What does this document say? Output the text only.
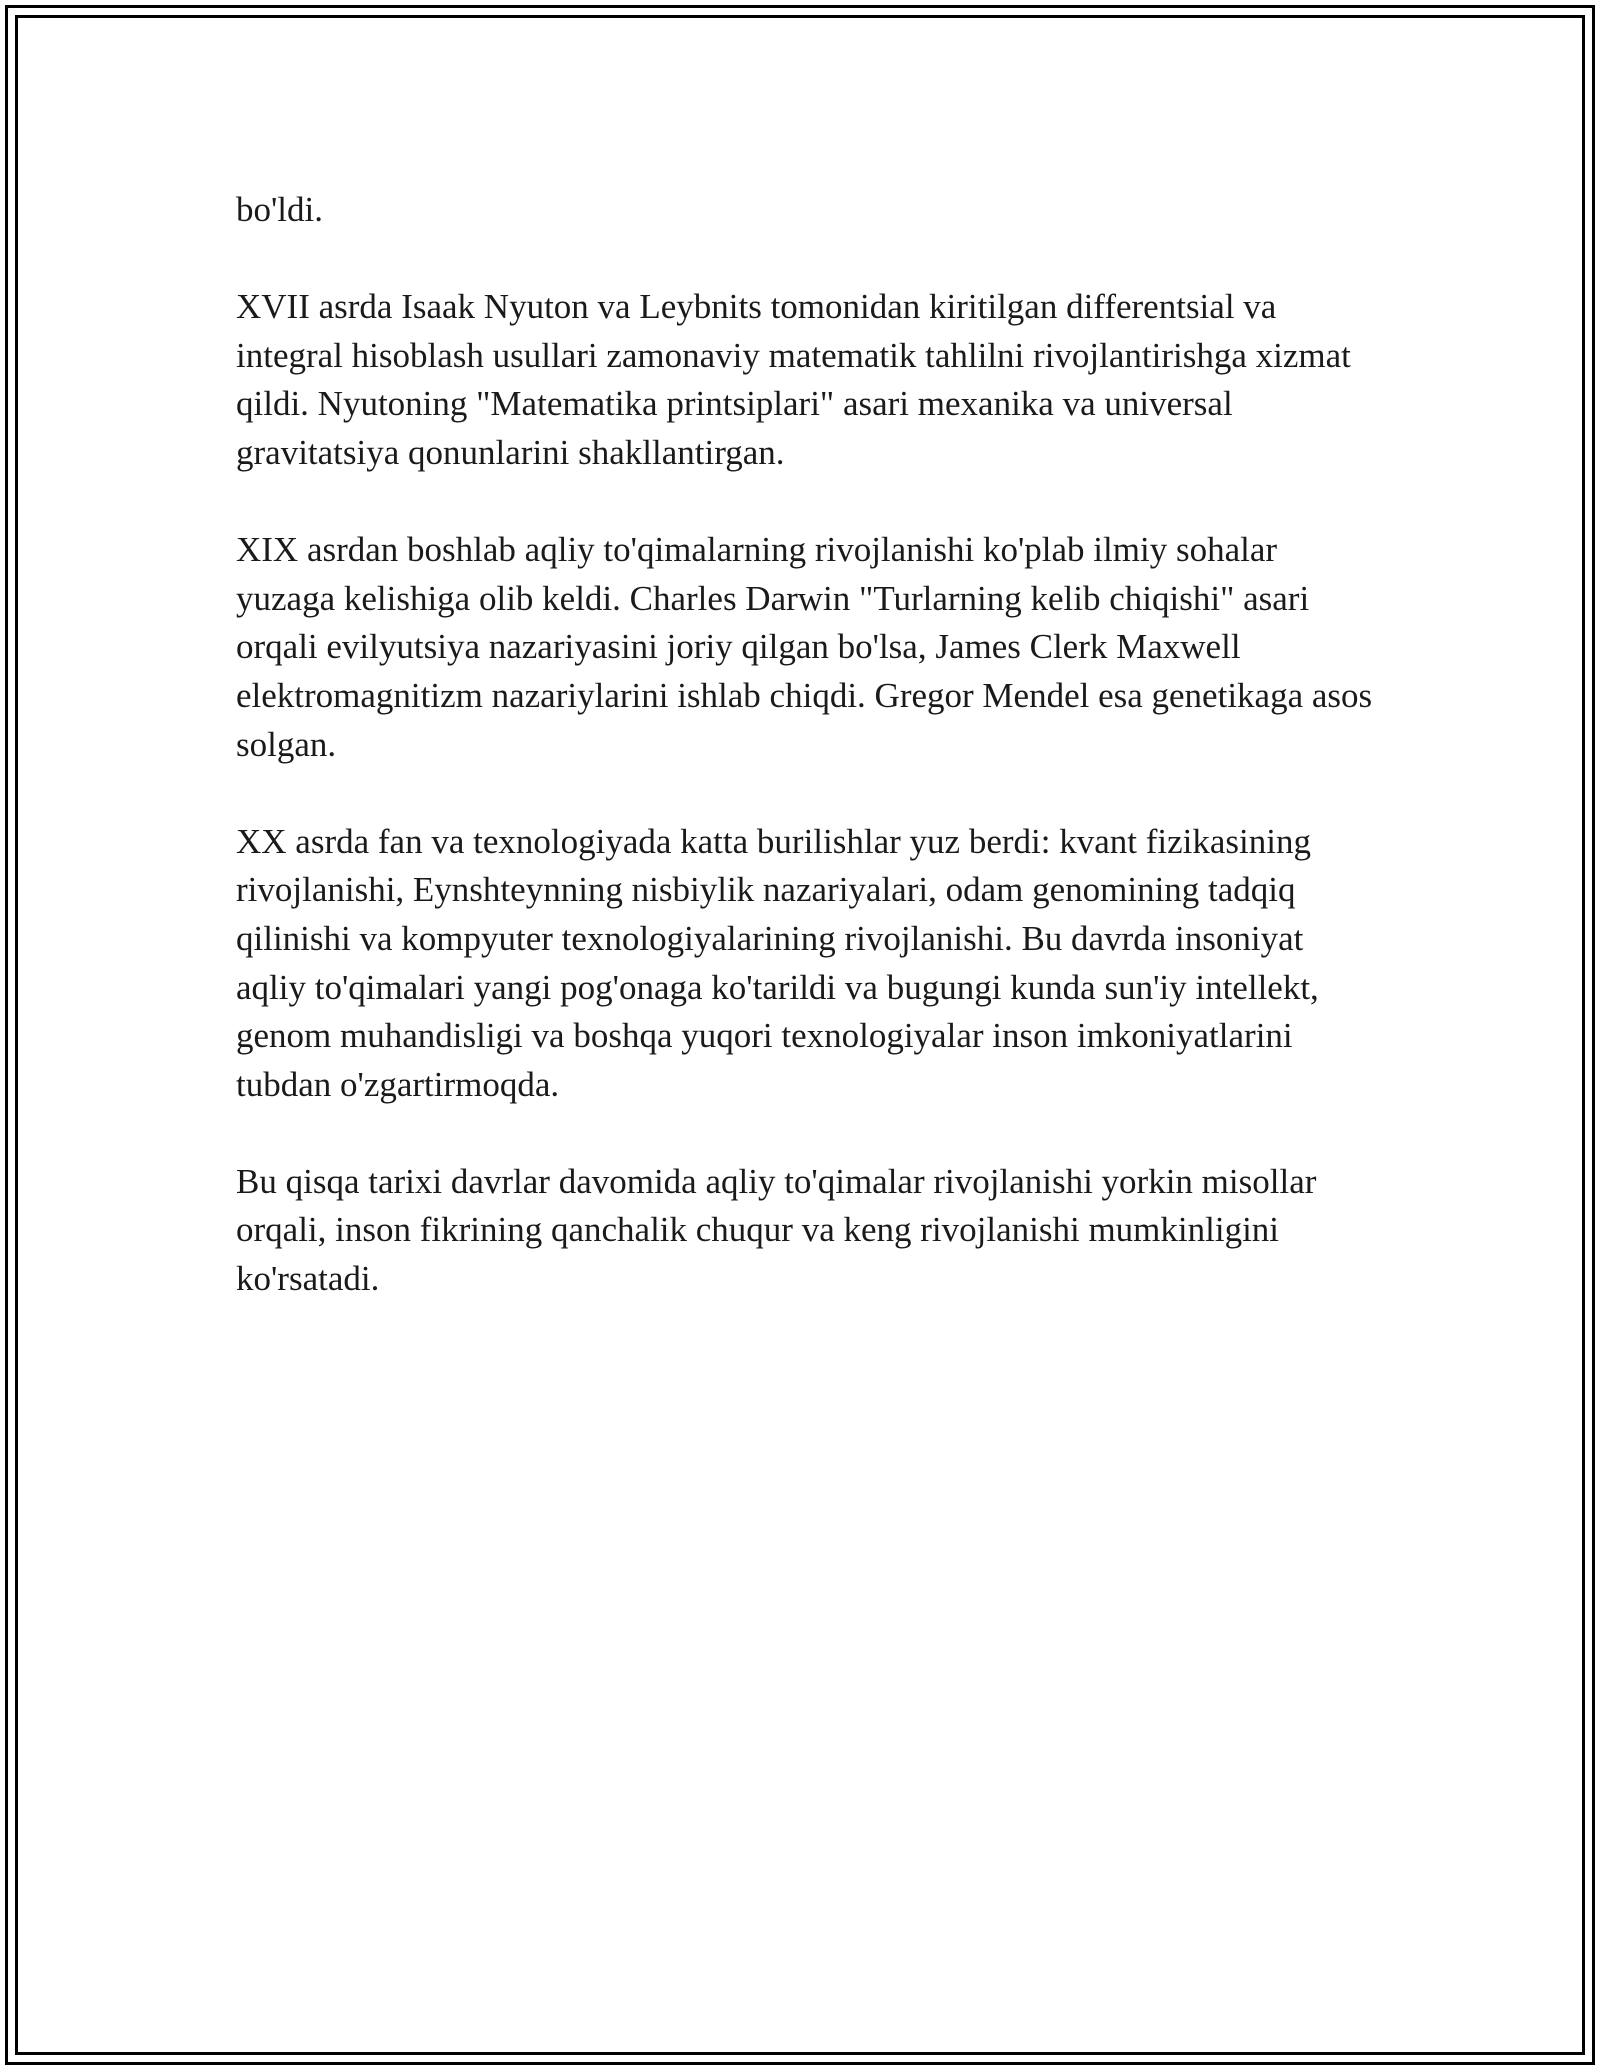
bo'ldi.

XVII asrda Isaak Nyuton va Leybnits tomonidan kiritilgan differentsial va integral hisoblash usullari zamonaviy matematik tahlilni rivojlantirishga xizmat qildi. Nyutoning "Matematika printsiplari" asari mexanika va universal gravitatsiya qonunlarini shakllantirgan.

XIX asrdan boshlab aqliy to'qimalarning rivojlanishi ko'plab ilmiy sohalar yuzaga kelishiga olib keldi. Charles Darwin "Turlarning kelib chiqishi" asari orqali evilyutsiya nazariyasini joriy qilgan bo'lsa, James Clerk Maxwell elektromagnitizm nazariylarini ishlab chiqdi. Gregor Mendel esa genetikaga asos solgan.

XX asrda fan va texnologiyada katta burilishlar yuz berdi: kvant fizikasining rivojlanishi, Eynshteynning nisbiylik nazariyalari, odam genomining tadqiq qilinishi va kompyuter texnologiyalarining rivojlanishi. Bu davrda insoniyat aqliy to'qimalari yangi pog'onaga ko'tarildi va bugungi kunda sun'iy intellekt, genom muhandisligi va boshqa yuqori texnologiyalar inson imkoniyatlarini tubdan o'zgartirmoqda.

Bu qisqa tarixi davrlar davomida aqliy to'qimalar rivojlanishi yorkin misollar orqali, inson fikrining qanchalik chuqur va keng rivojlanishi mumkinligini ko'rsatadi.
